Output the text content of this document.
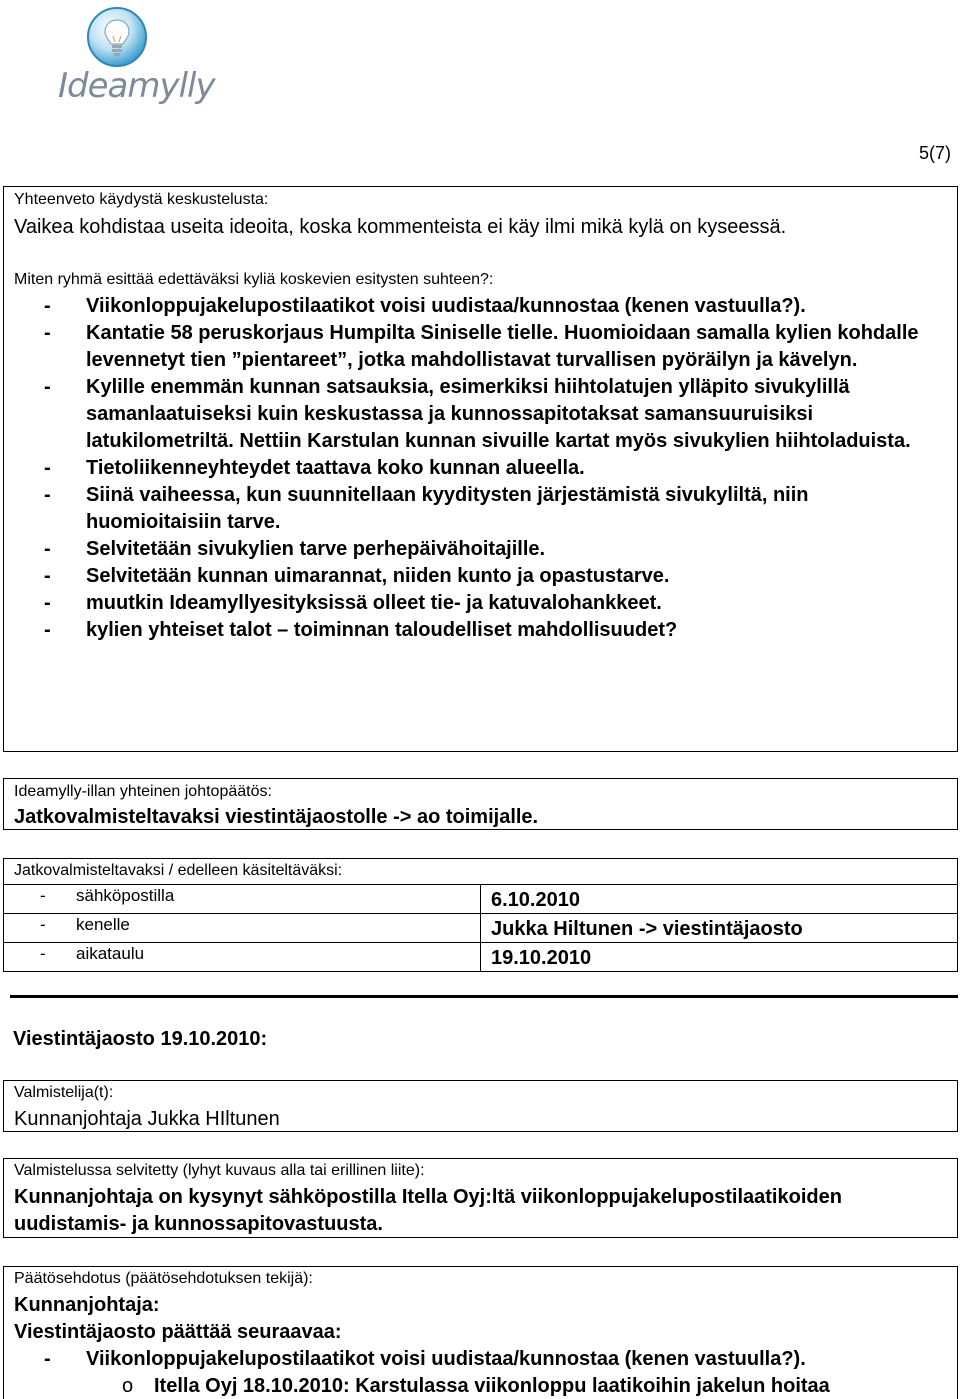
Ideamylly
5(7)
Yhteenveto käydystä keskustelusta:
Vaikea kohdistaa useita ideoita, koska kommenteista ei käy ilmi mikä kylä on kyseessä.
Miten ryhmä esittää edettäväksi kyliä koskevien esitysten suhteen?:
- Viikonloppujakelupostilaatikot voisi uudistaa/kunnostaa (kenen vastuulla?).
- Kantatie 58 peruskorjaus Humpilta Siniselle tielle. Huomioidaan samalla kylien kohdalle levennetyt tien ”pientareet”, jotka mahdollistavat turvallisen pyöräilyn ja kävelyn.
- Kylille enemmän kunnan satsauksia, esimerkiksi hiihtolatujen ylläpito sivukylillä samanlaatuiseksi kuin keskustassa ja kunnossapitotaksat samansuuruisiksi latukilometriltä. Nettiin Karstulan kunnan sivuille kartat myös sivukylien hiihtoladuista.
- Tietoliikenneyhteydet taattava koko kunnan alueella.
- Siinä vaiheessa, kun suunnitellaan kyyditysten järjestämistä sivukyliltä, niin huomioitaisiin tarve.
- Selvitetään sivukylien tarve perhepäivähoitajille.
- Selvitetään kunnan uimarannat, niiden kunto ja opastustarve.
- muutkin Ideamyllyesityksissä olleet tie- ja katuvalohankkeet.
- kylien yhteiset talot – toiminnan taloudelliset mahdollisuudet?
Ideamylly-illan yhteinen johtopäätös:
Jatkovalmisteltavaksi viestintäjaostolle -> ao toimijalle.
Jatkovalmisteltavaksi / edelleen käsiteltäväksi:
- sähköpostilla	6.10.2010
- kenelle	Jukka Hiltunen -> viestintäjaosto
- aikataulu	19.10.2010
Viestintäjaosto 19.10.2010:
Valmistelija(t):
Kunnanjohtaja Jukka HIltunen
Valmistelussa selvitetty (lyhyt kuvaus alla tai erillinen liite):
Kunnanjohtaja on kysynyt sähköpostilla Itella Oyj:ltä viikonloppujakelupostilaatikoiden uudistamis- ja kunnossapitovastuusta.
Päätösehdotus (päätösehdotuksen tekijä):
Kunnanjohtaja:
Viestintäjaosto päättää seuraavaa:
- Viikonloppujakelupostilaatikot voisi uudistaa/kunnostaa (kenen vastuulla?).
o Itella Oyj 18.10.2010: Karstulassa viikonloppu laatikoihin jakelun hoitaa
